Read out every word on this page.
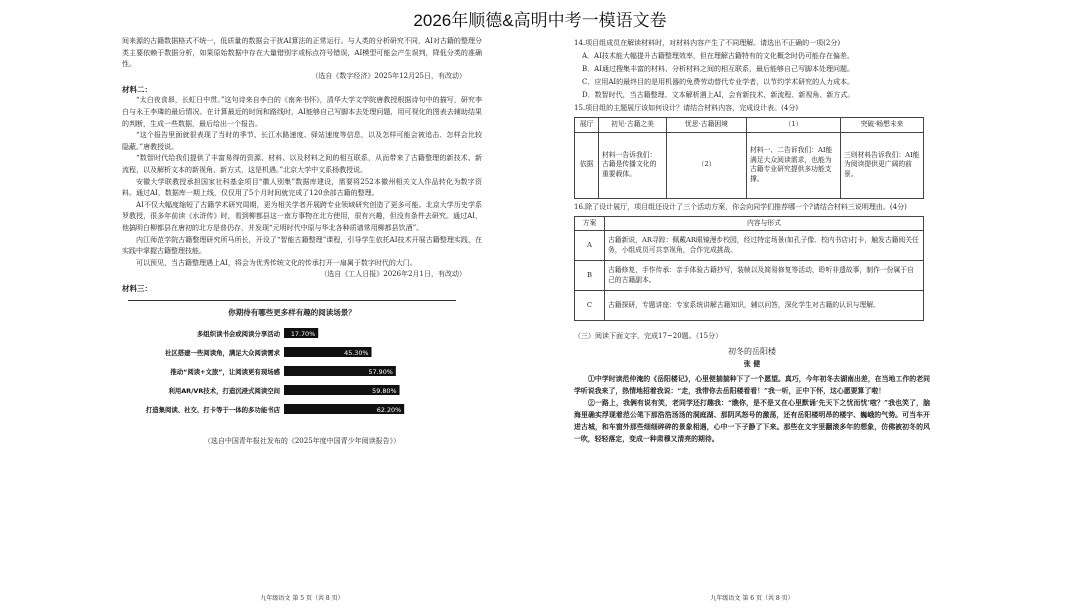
2026年顺德&高明中考一模语文卷

间来源的古籍数据格式不统一，低质量的数据会干扰AI算法的正常运行。与人类的分析研究不同，AI对古籍的整理分类主要依赖于数据分析，如果原始数据中存在大量错别字或标点符号错误，AI模型可能会产生误判，降低分类的准确性。

（选自《数字经济》2025年12月25日，有改动）

材料二：

“太白夜食昴，长虹日中贯。”这句诗来自李白的《南奔书怀》，清华大学文学院唐教授根据诗句中的描写，研究李白与永王李璘的最后情况。在计算最近的时间和路线时，AI能够自己写脚本去处理问题，用可视化的图表去辅助结果的判断，生成一些数据，最后给出一个报告。

“这个报告里面就很表现了当时的季节、长江水路速度、驿站速度等信息，以及怎样可能会被追击、怎样会比较隐蔽。”唐教授说。

“数智时代给我们提供了丰富易得的资源、材料、以及材料之间的相互联系，从而带来了古籍整理的新技术、新流程，以及解析文本的新视角、新方式，这是机遇。”北京大学中文系杨教授说。

安徽大学联教授承担国家社科基金项目“徽人别集”数据库建设，需要将252本徽州相关文人作品转化为数字资料。通过AI，数据库一期上线，仅仅用了5个月时间就完成了120余部古籍的整理。

AI不仅大幅度缩短了古籍学术研究周期，更为相关学者开展跨专业领域研究创造了更多可能。北京大学历史学系罗教授，很多年前读《水浒传》时，看到柳都县这一南方事物在北方使用，很有兴趣，但没有条件去研究。通过AI，他搞明白柳都县在唐初的北方是普仍存，并发现“元明时代中原与华北各种质谱常用柳都县饮酒”。

内江师范学院古籍整理研究所马所长，开设了“智能古籍整理”课程，引导学生依托AI技术开展古籍整理实践，在实践中掌握古籍整理技能。

可以预见，当古籍整理遇上AI，将会为优秀传统文化的传承打开一扇属于数字时代的大门。

（选自《工人日报》2026年2月1日，有改动）

材料三：
你期待有哪些更多样有趣的阅读场景？
多组织读书会或阅读分享活动 17.70%
社区搭建一些阅读角，满足大众阅读需求	45.30%
推动“阅读+文旅”，让阅读更有现场感	57.90%
利用AR/VR技术，打造沉浸式阅读空间	59.80%
打造集阅读、社交、打卡等于一体的多功能书店	62.20%
（选自中国青年报社发布的《2025年度中国青少年阅读报告》）
九年级语文 第 5 页（共 8 页）
14.项目组成员在解读材料时，对材料内容产生了不同理解。请选出不正确的一项(2分)
A．AI技术能大幅提升古籍整理效率，但在理解古籍特有的文化概念时仍可能存在偏差。
B．AI通过搜集丰富的材料、分析材料之间的相互联系，最后能够自己写脚本处理问题。
C．应用AI的最终目的是用机器的免费劳动替代专业学者，以节约学术研究的人力成本。
D．数智时代，当古籍整理、文本解析遇上AI，会有新技术、新流程、新视角、新方式。
15.项目组的主题展厅该如何设计？请结合材料内容，完成设计表。(4分)
展厅	初见·古籍之美	忧思·古籍困境	（1）	突破·畅想未来
依据	材料一告诉我们：古籍是传播文化的重要载体。	（2）	材料一、二告诉我们：AI能满足大众阅读需求，也能为古籍专业研究提供多功能支撑。	三则材料告诉我们：AI能为阅读提供更广阔的前景。
16.除了设计展厅，项目组还设计了三个活动方案，你会向同学们推荐哪一个?请结合材料三说明理由。(4分)
方案	内容与形式
A	古籍新说，AR寻踪：佩戴AR眼镜漫步校园，经过特定场景(如孔子像、校内书店)打卡，触发古籍阅关任务，小组成员可共享视角，合作完成挑战。
B	古籍修复，手作传承：亲手体验古籍抄写，装帧以及简易修复等活动，聆听非遗故事，制作一份属于自己的古籍副本。
C	古籍探研，专题讲座：专家系统讲解古籍知识，辅以问答，深化学生对古籍的认识与理解。
（三）阅读下面文字，完成17~20题。（15分）
初冬的岳阳楼
张 健

①中学时读范仲淹的《岳阳楼记》，心里便揣揣种下了一个愿望。真巧，今年初冬去湖南出差，在当地工作的老同学听说我来了，热情地招着我说：“走，我带你去岳阳楼看看！”我一听，正中下怀，这心愿要算了啦！

②一路上，我俩有说有笑，老同学还打趣我：“瞧你，是不是又在心里默诵‘先天下之忧而忧’啦？”我也笑了，脑海里确实浮现着范公笔下那浩浩汤汤的洞庭湖、那阴风怒号的激荡，还有岳阳楼明昂的楼宇、巍峨的气势。可当车开进古城，和车窗外那些细细碎碎的景象相遇，心中一下子静了下来。那些在文字里翻滚多年的想象，仿佛被初冬的风一吹，轻轻落定，变成一种肃穆又清亮的期待。

九年级语文 第 6 页（共 8 页）
